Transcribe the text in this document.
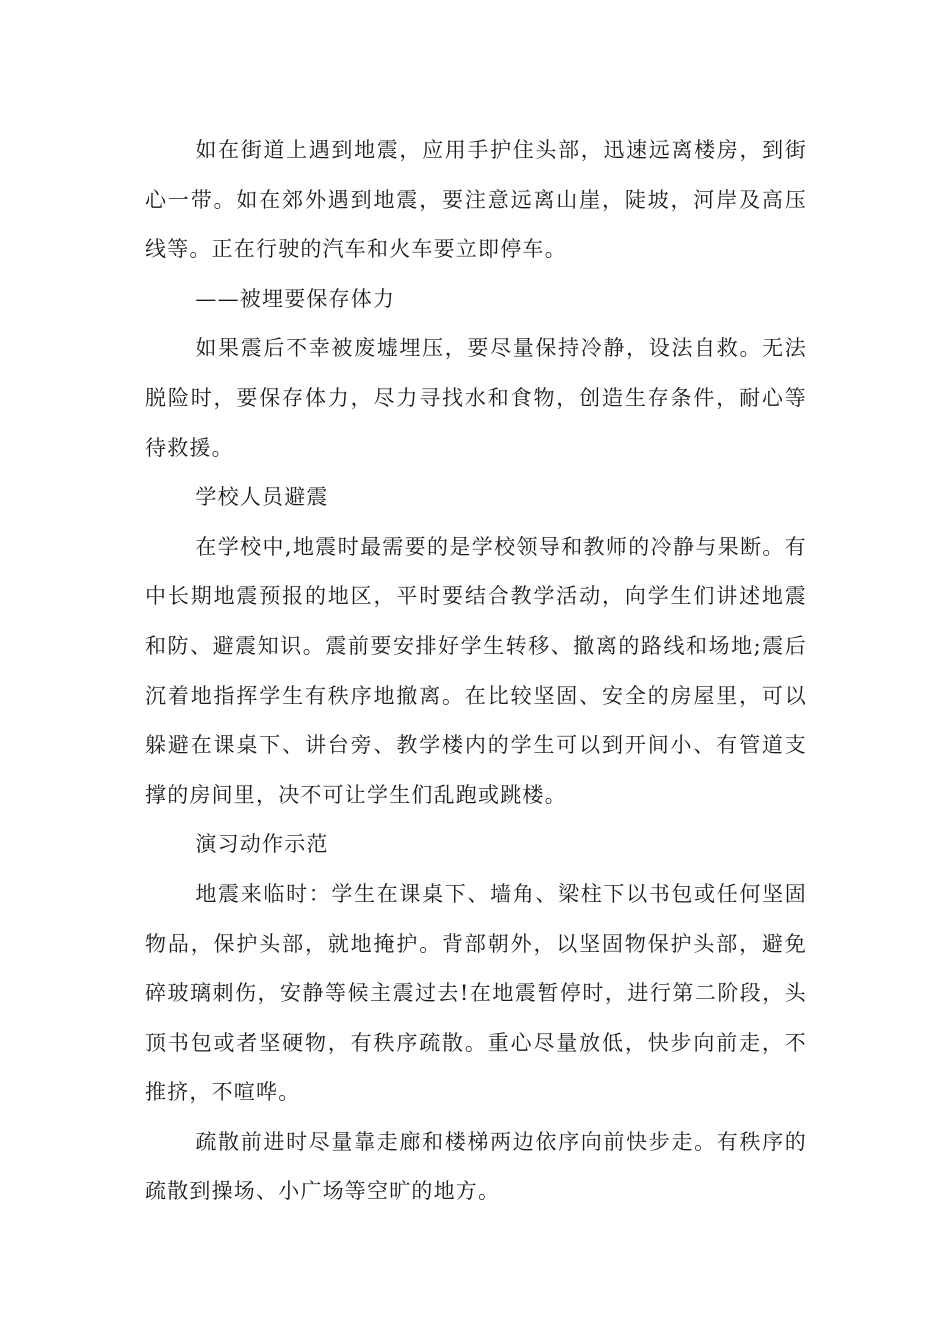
如在街道上遇到地震，应用手护住头部，迅速远离楼房，到街心一带。如在郊外遇到地震，要注意远离山崖，陡坡，河岸及高压线等。正在行驶的汽车和火车要立即停车。

——被埋要保存体力

如果震后不幸被废墟埋压，要尽量保持冷静，设法自救。无法脱险时，要保存体力，尽力寻找水和食物，创造生存条件，耐心等待救援。

学校人员避震

在学校中,地震时最需要的是学校领导和教师的冷静与果断。有中长期地震预报的地区，平时要结合教学活动，向学生们讲述地震和防、避震知识。震前要安排好学生转移、撤离的路线和场地;震后沉着地指挥学生有秩序地撤离。在比较坚固、安全的房屋里，可以躲避在课桌下、讲台旁、教学楼内的学生可以到开间小、有管道支撑的房间里，决不可让学生们乱跑或跳楼。

演习动作示范

地震来临时：学生在课桌下、墙角、梁柱下以书包或任何坚固物品，保护头部，就地掩护。背部朝外，以坚固物保护头部，避免碎玻璃刺伤，安静等候主震过去!在地震暂停时，进行第二阶段，头顶书包或者坚硬物，有秩序疏散。重心尽量放低，快步向前走，不推挤，不喧哗。

疏散前进时尽量靠走廊和楼梯两边依序向前快步走。有秩序的疏散到操场、小广场等空旷的地方。
